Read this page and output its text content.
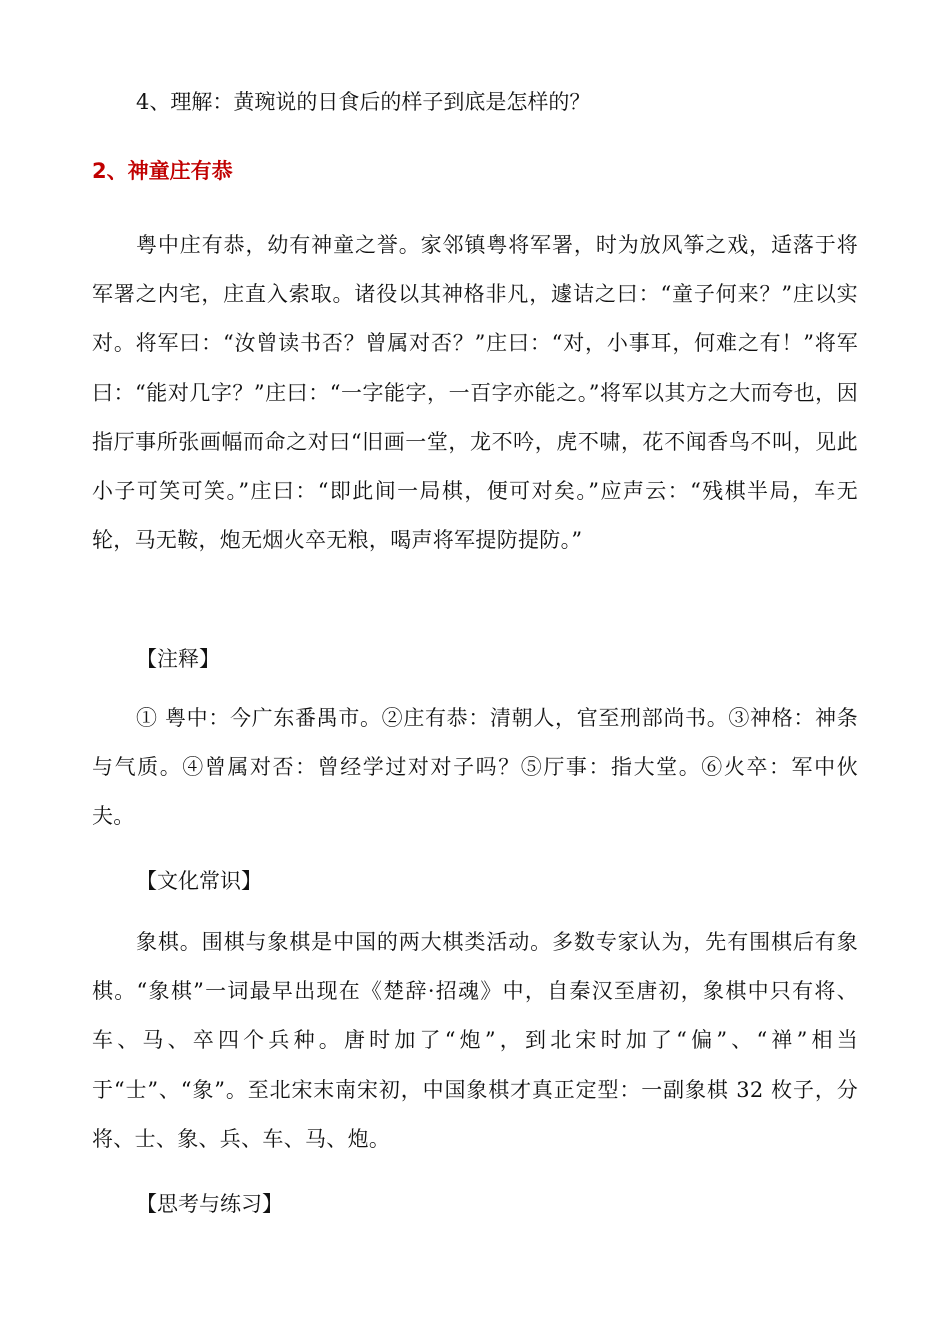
4、理解：黄琬说的日食后的样子到底是怎样的？
2、神童庄有恭
粤中庄有恭，幼有神童之誉。家邻镇粤将军署，时为放风筝之戏，适落于将军署之内宅，庄直入索取。诸役以其神格非凡，遽诘之曰：“童子何来？”庄以实对。将军曰：“汝曾读书否？曾属对否？”庄曰：“对，小事耳，何难之有！”将军曰：“能对几字？”庄曰：“一字能字，一百字亦能之。”将军以其方之大而夸也，因指厅事所张画幅而命之对曰“旧画一堂，龙不吟，虎不啸，花不闻香鸟不叫，见此小子可笑可笑。”庄曰：“即此间一局棋，便可对矣。”应声云：“残棋半局，车无轮，马无鞍，炮无烟火卒无粮，喝声将军提防提防。”
【注释】
① 粤中：今广东番禺市。②庄有恭：清朝人，官至刑部尚书。③神格：神条与气质。④曾属对否：曾经学过对对子吗？⑤厅事：指大堂。⑥火卒：军中伙夫。
【文化常识】
象棋。围棋与象棋是中国的两大棋类活动。多数专家认为，先有围棋后有象棋。“象棋”一词最早出现在《楚辞·招魂》中，自秦汉至唐初，象棋中只有将、车、马、卒四个兵种。唐时加了“炮”，到北宋时加了“偏”、“禅”相当于“士”、“象”。至北宋末南宋初，中国象棋才真正定型：一副象棋 32 枚子，分将、士、象、兵、车、马、炮。
【思考与练习】
